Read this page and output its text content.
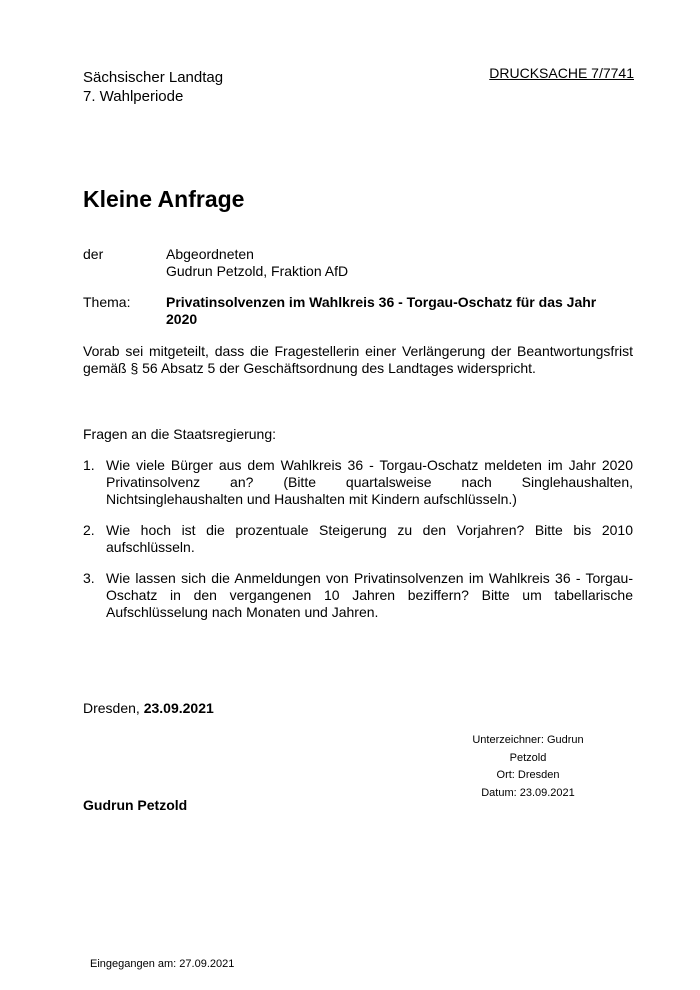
Sächsischer Landtag
7. Wahlperiode
DRUCKSACHE 7/7741
Kleine Anfrage
der	Abgeordneten
Gudrun Petzold, Fraktion AfD
Thema:	Privatinsolvenzen im Wahlkreis 36 - Torgau-Oschatz für das Jahr
2020
Vorab sei mitgeteilt, dass die Fragestellerin einer Verlängerung der Beantwortungsfrist gemäß § 56 Absatz 5 der Geschäftsordnung des Landtages widerspricht.
Fragen an die Staatsregierung:
1. Wie viele Bürger aus dem Wahlkreis 36 - Torgau-Oschatz meldeten im Jahr 2020 Privatinsolvenz an? (Bitte quartalsweise nach Singlehaushalten, Nichtsinglehaushalten und Haushalten mit Kindern aufschlüsseln.)
2. Wie hoch ist die prozentuale Steigerung zu den Vorjahren? Bitte bis 2010 aufschlüsseln.
3. Wie lassen sich die Anmeldungen von Privatinsolvenzen im Wahlkreis 36 - Torgau-Oschatz in den vergangenen 10 Jahren beziffern? Bitte um tabellarische Aufschlüsselung nach Monaten und Jahren.
Dresden, 23.09.2021
Unterzeichner: Gudrun
Petzold
Ort: Dresden
Datum: 23.09.2021
Gudrun Petzold
Eingegangen am: 27.09.2021
